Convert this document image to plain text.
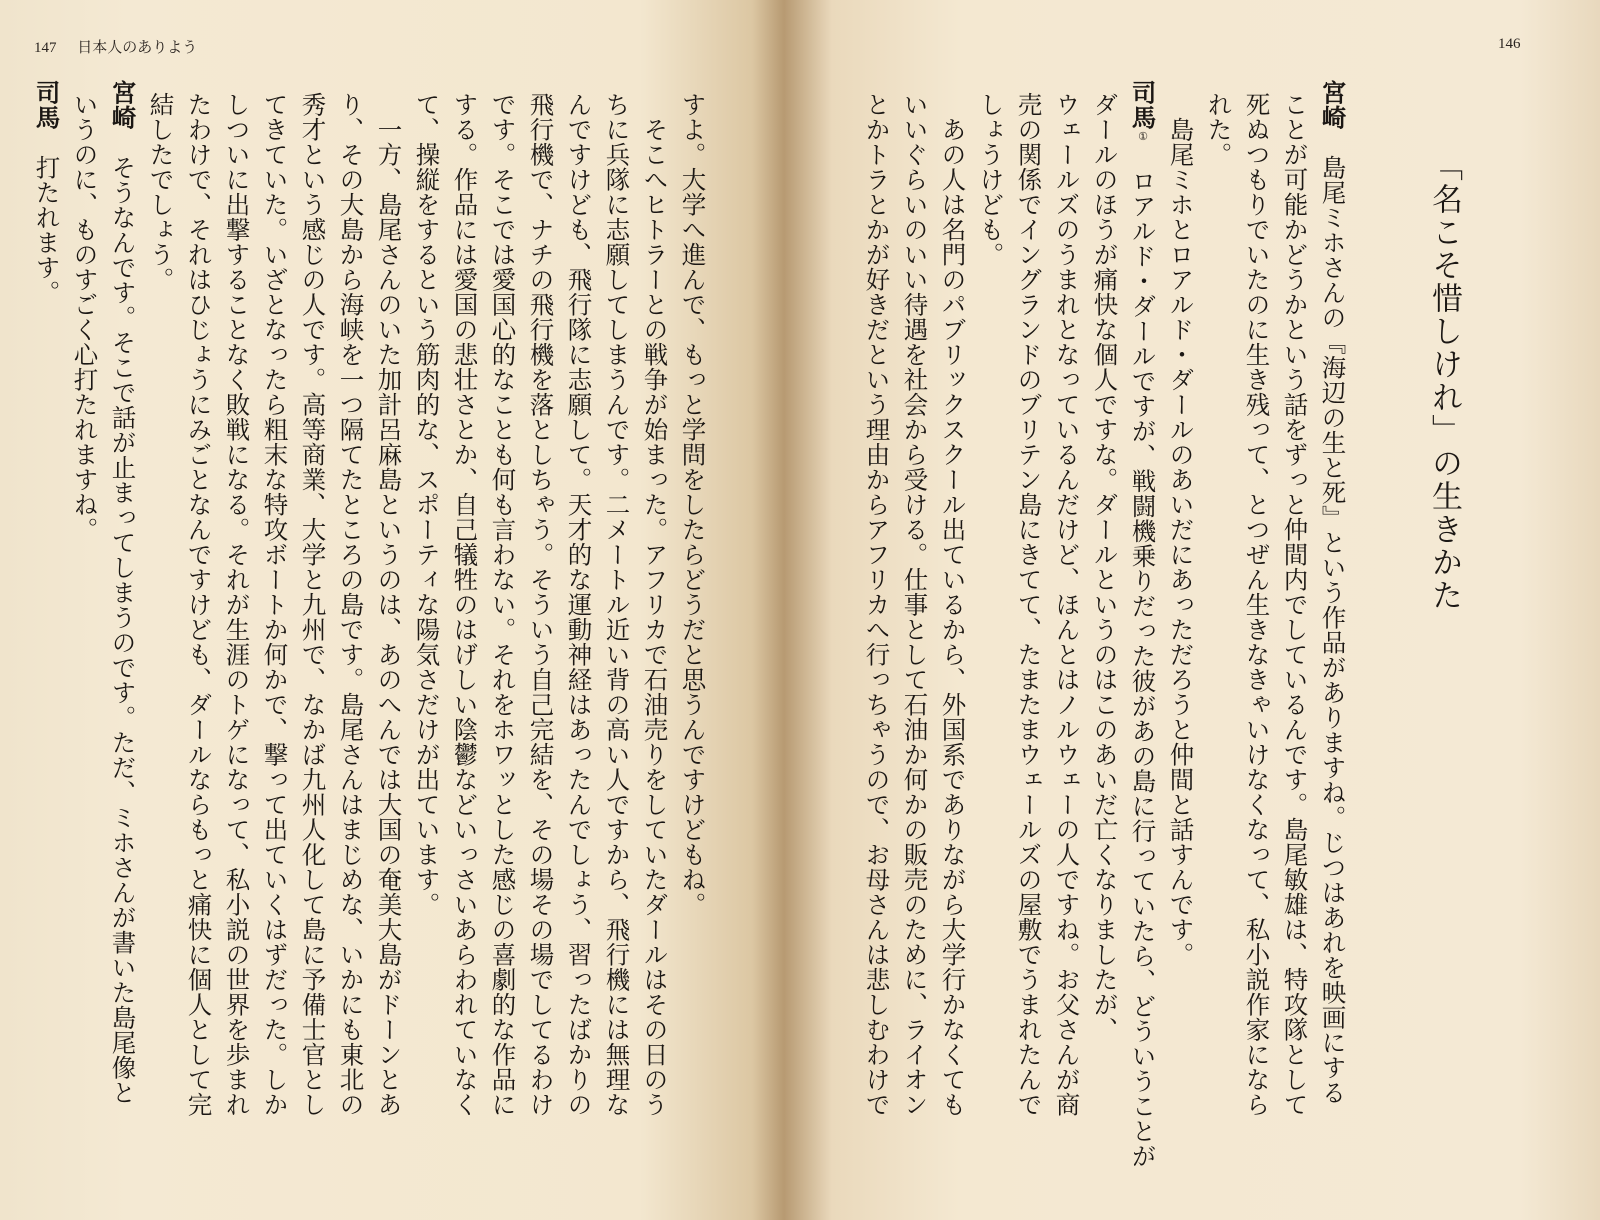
147 日本人のありよう
すよ。大学へ進んで、もっと学問をしたらどうだと思うんですけどもね。
　そこへヒトラーとの戦争が始まった。アフリカで石油売りをしていたダールはその日のう
ちに兵隊に志願してしまうんです。二メートル近い背の高い人ですから、飛行機には無理な
んですけども、飛行隊に志願して。天才的な運動神経はあったんでしょう、習ったばかりの
飛行機で、ナチの飛行機を落としちゃう。そういう自己完結を、その場その場でしてるわけ
です。そこでは愛国心的なことも何も言わない。それをホワッとした感じの喜劇的な作品に
する。作品には愛国の悲壮さとか、自己犠牲のはげしい陰鬱などいっさいあらわれていなく
て、操縦をするという筋肉的な、スポーティな陽気さだけが出ています。
　一方、島尾さんのいた加計呂麻島というのは、あのへんでは大国の奄美大島がドーンとあ
り、その大島から海峡を一つ隔てたところの島です。島尾さんはまじめな、いかにも東北の
秀才という感じの人です。高等商業、大学と九州で、なかば九州人化して島に予備士官とし
てきていた。いざとなったら粗末な特攻ボートか何かで、撃って出ていくはずだった。しか
しついに出撃することなく敗戦になる。それが生涯のトゲになって、私小説の世界を歩まれ
たわけで、それはひじょうにみごとなんですけども、ダールならもっと痛快に個人として完
結したでしょう。
宮崎　そうなんです。そこで話が止まってしまうのです。ただ、ミホさんが書いた島尾像と
いうのに、ものすごく心打たれますね。
司馬　打たれます。
146
「名こそ惜しけれ」の生きかた
宮崎　島尾ミホさんの『海辺の生と死』という作品がありますね。じつはあれを映画にする
ことが可能かどうかという話をずっと仲間内でしているんです。島尾敏雄は、特攻隊として
死ぬつもりでいたのに生き残って、とつぜん生きなきゃいけなくなって、私小説作家になら
れた。
　島尾ミホとロアルド・ダールのあいだにあっただろうと仲間と話すんです。
司馬①　ロアルド・ダールですが、戦闘機乗りだった彼があの島に行っていたら、どういうことが
ダールのほうが痛快な個人ですな。ダールというのはこのあいだ亡くなりましたが、
ウェールズのうまれとなっているんだけど、ほんとはノルウェーの人ですね。お父さんが商
売の関係でイングランドのブリテン島にきてて、たまたまウェールズの屋敷でうまれたんで
しょうけども。
　あの人は名門のパブリックスクール出ているから、外国系でありながら大学行かなくても
いいぐらいのいい待遇を社会から受ける。仕事として石油か何かの販売のために、ライオン
とかトラとかが好きだという理由からアフリカへ行っちゃうので、お母さんは悲しむわけで
